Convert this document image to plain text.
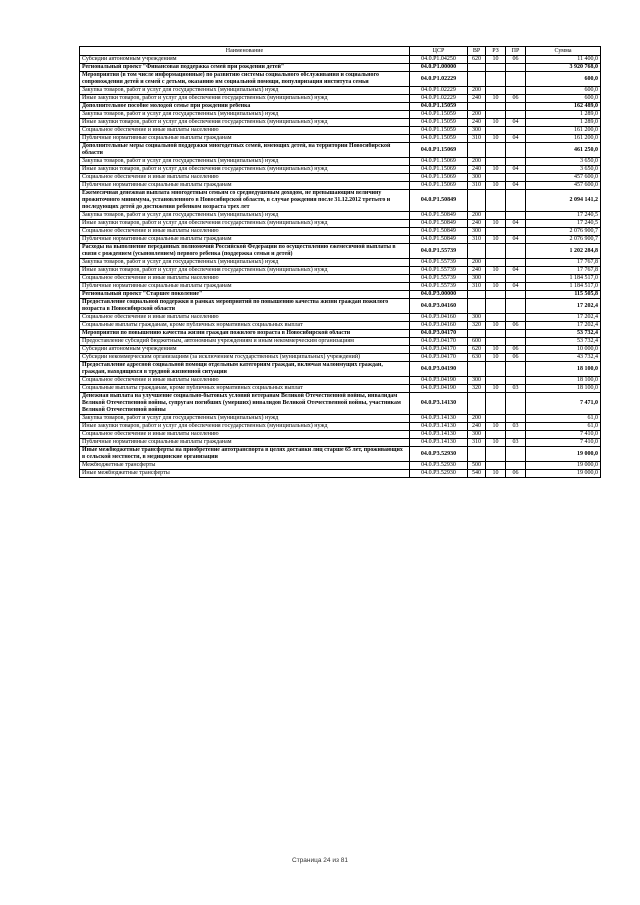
Наименование	ЦСР	ВР	РЗ	ПР	Сумма
Субсидии автономным учреждениям	04.0.Р1.04250	620	10	06	11 400,0
Региональный проект "Финансовая поддержка семей при рождении детей"	04.0.Р1.00000				3 920 768,0
Мероприятия (в том числе информационные) по развитию системы социального обслуживания и социального сопровождения детей и семей с детьми, оказанию им социальной помощи, популяризация института семьи	04.0.Р1.02229				600,0
Закупка товаров, работ и услуг для государственных (муниципальных) нужд	04.0.Р1.02229	200			600,0
Иные закупки товаров, работ и услуг для обеспечения государственных (муниципальных) нужд	04.0.Р1.02229	240	10	06	600,0
Дополнительное пособие молодой семье при рождении ребенка	04.0.Р1.15059				162 489,0
Закупка товаров, работ и услуг для государственных (муниципальных) нужд	04.0.Р1.15059	200			1 289,0
Иные закупки товаров, работ и услуг для обеспечения государственных (муниципальных) нужд	04.0.Р1.15059	240	10	04	1 289,0
Социальное обеспечение и иные выплаты населению	04.0.Р1.15059	300			161 200,0
Публичные нормативные социальные выплаты гражданам	04.0.Р1.15059	310	10	04	161 200,0
Дополнительные меры социальной поддержки многодетных семей, имеющих детей, на территории Новосибирской области	04.0.Р1.15069				461 250,0
Закупка товаров, работ и услуг для государственных (муниципальных) нужд	04.0.Р1.15069	200			3 650,0
Иные закупки товаров, работ и услуг для обеспечения государственных (муниципальных) нужд	04.0.Р1.15069	240	10	04	3 650,0
Социальное обеспечение и иные выплаты населению	04.0.Р1.15069	300			457 600,0
Публичные нормативные социальные выплаты гражданам	04.0.Р1.15069	310	10	04	457 600,0
Ежемесячная денежная выплата многодетным семьям со среднедушевым доходом, не превышающим величину прожиточного минимума, установленного в Новосибирской области, в случае рождения после 31.12.2012 третьего и последующих детей до достижения ребенком возраста трех лет	04.0.Р1.50849				2 094 141,2
Закупка товаров, работ и услуг для государственных (муниципальных) нужд	04.0.Р1.50849	200			17 240,5
Иные закупки товаров, работ и услуг для обеспечения государственных (муниципальных) нужд	04.0.Р1.50849	240	10	04	17 240,5
Социальное обеспечение и иные выплаты населению	04.0.Р1.50849	300			2 076 900,7
Публичные нормативные социальные выплаты гражданам	04.0.Р1.50849	310	10	04	2 076 900,7
Расходы на выполнение переданных полномочий Российской Федерации по осуществлению ежемесячной выплаты в связи с рождением (усыновлением) первого ребенка (поддержка семьи и детей)	04.0.Р1.55739				1 202 284,8
Закупка товаров, работ и услуг для государственных (муниципальных) нужд	04.0.Р1.55739	200			17 767,8
Иные закупки товаров, работ и услуг для обеспечения государственных (муниципальных) нужд	04.0.Р1.55739	240	10	04	17 767,8
Социальное обеспечение и иные выплаты населению	04.0.Р1.55739	300			1 184 517,0
Публичные нормативные социальные выплаты гражданам	04.0.Р1.55739	310	10	04	1 184 517,0
Региональный проект "Старшее поколение"	04.0.Р3.00000				115 505,8
Предоставление социальной поддержки в рамках мероприятий по повышению качества жизни граждан пожилого возраста в Новосибирской области	04.0.Р3.04160				17 202,4
Социальное обеспечение и иные выплаты населению	04.0.Р3.04160	300			17 202,4
Социальные выплаты гражданам, кроме публичных нормативных социальных выплат	04.0.Р3.04160	320	10	06	17 202,4
Мероприятия по повышению качества жизни граждан пожилого возраста в Новосибирской области	04.0.Р3.04170				53 732,4
Предоставление субсидий бюджетным, автономным учреждениям и иным некоммерческим организациям	04.0.Р3.04170	600			53 732,4
Субсидии автономным учреждениям	04.0.Р3.04170	620	10	06	10 000,0
Субсидии некоммерческим организациям (за исключением государственных (муниципальных) учреждений)	04.0.Р3.04170	630	10	06	43 732,4
Предоставление адресной социальной помощи отдельным категориям граждан, включая малоимущих граждан, граждан, находящихся в трудной жизненной ситуации	04.0.Р3.04190				18 100,0
Социальное обеспечение и иные выплаты населению	04.0.Р3.04190	300			18 100,0
Социальные выплаты гражданам, кроме публичных нормативных социальных выплат	04.0.Р3.04190	320	10	03	18 100,0
Денежная выплата на улучшение социально-бытовых условий ветеранам Великой Отечественной войны, инвалидам Великой Отечественной войны, супругам погибших (умерших) инвалидов Великой Отечественной войны, участникам Великой Отечественной войны	04.0.Р3.14130				7 471,0
Закупка товаров, работ и услуг для государственных (муниципальных) нужд	04.0.Р3.14130	200			61,0
Иные закупки товаров, работ и услуг для обеспечения государственных (муниципальных) нужд	04.0.Р3.14130	240	10	03	61,0
Социальное обеспечение и иные выплаты населению	04.0.Р3.14130	300			7 410,0
Публичные нормативные социальные выплаты гражданам	04.0.Р3.14130	310	10	03	7 410,0
Иные межбюджетные трансферты на приобретение автотранспорта в целях доставки лиц старше 65 лет, проживающих в сельской местности, в медицинские организации	04.0.Р3.52930				19 000,0
Межбюджетные трансферты	04.0.Р3.52930	500			19 000,0
Иные межбюджетные трансферты	04.0.Р3.52930	540	10	06	19 000,0
Страница 24 из 81
